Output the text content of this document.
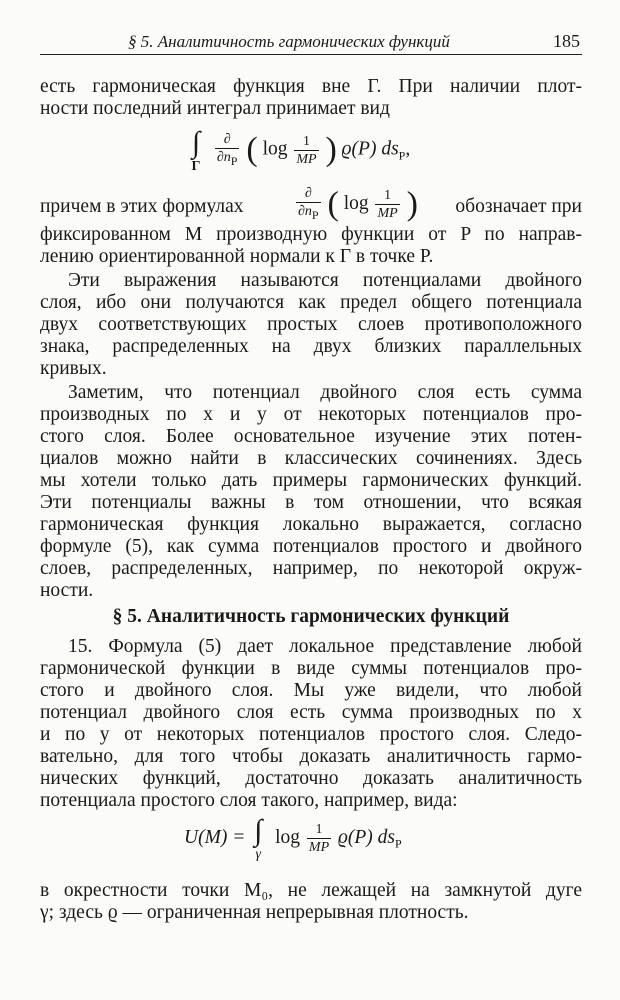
§ 5. Аналитичность гармонических функций	185
есть гармоническая функция вне Г. При наличии плот-
ности последний интеграл принимает вид
∫
Г
$\frac{\partial}{\partial n_P}$ ( $\log \frac{1}{MP}$ ) ϱ(P) $ds_P$,
причем в этих формулах	$\frac{\partial}{\partial n_P}$ ( $\log \frac{1}{MP}$ ) обозначает при
фиксированном M производную функции от P по направ-
лению ориентированной нормали к Г в точке P.
Эти выражения называются потенциалами двойного
слоя, ибо они получаются как предел общего потенциала
двух соответствующих простых слоев противоположного
знака, распределенных на двух близких параллельных
кривых.
Заметим, что потенциал двойного слоя есть сумма
производных по x и y от некоторых потенциалов про-
стого слоя. Более основательное изучение этих потен-
циалов можно найти в классических сочинениях. Здесь
мы хотели только дать примеры гармонических функций.
Эти потенциалы важны в том отношении, что всякая
гармоническая функция локально выражается, согласно
формуле (5), как сумма потенциалов простого и двойного
слоев, распределенных, например, по некоторой окруж-
ности.
§ 5. Аналитичность гармонических функций
15. Формула (5) дает локальное представление любой
гармонической функции в виде суммы потенциалов про-
стого и двойного слоя. Мы уже видели, что любой
потенциал двойного слоя есть сумма производных по x
и по y от некоторых потенциалов простого слоя. Следо-
вательно, для того чтобы доказать аналитичность гармо-
нических функций, достаточно доказать аналитичность
потенциала простого слоя такого, например, вида:
U(M) = ∫
γ
$\log \frac{1}{MP} ϱ(P)$ $ds_P$
в окрестности точки M₀, не лежащей на замкнутой дуге
γ; здесь ϱ — ограниченная непрерывная плотность.
